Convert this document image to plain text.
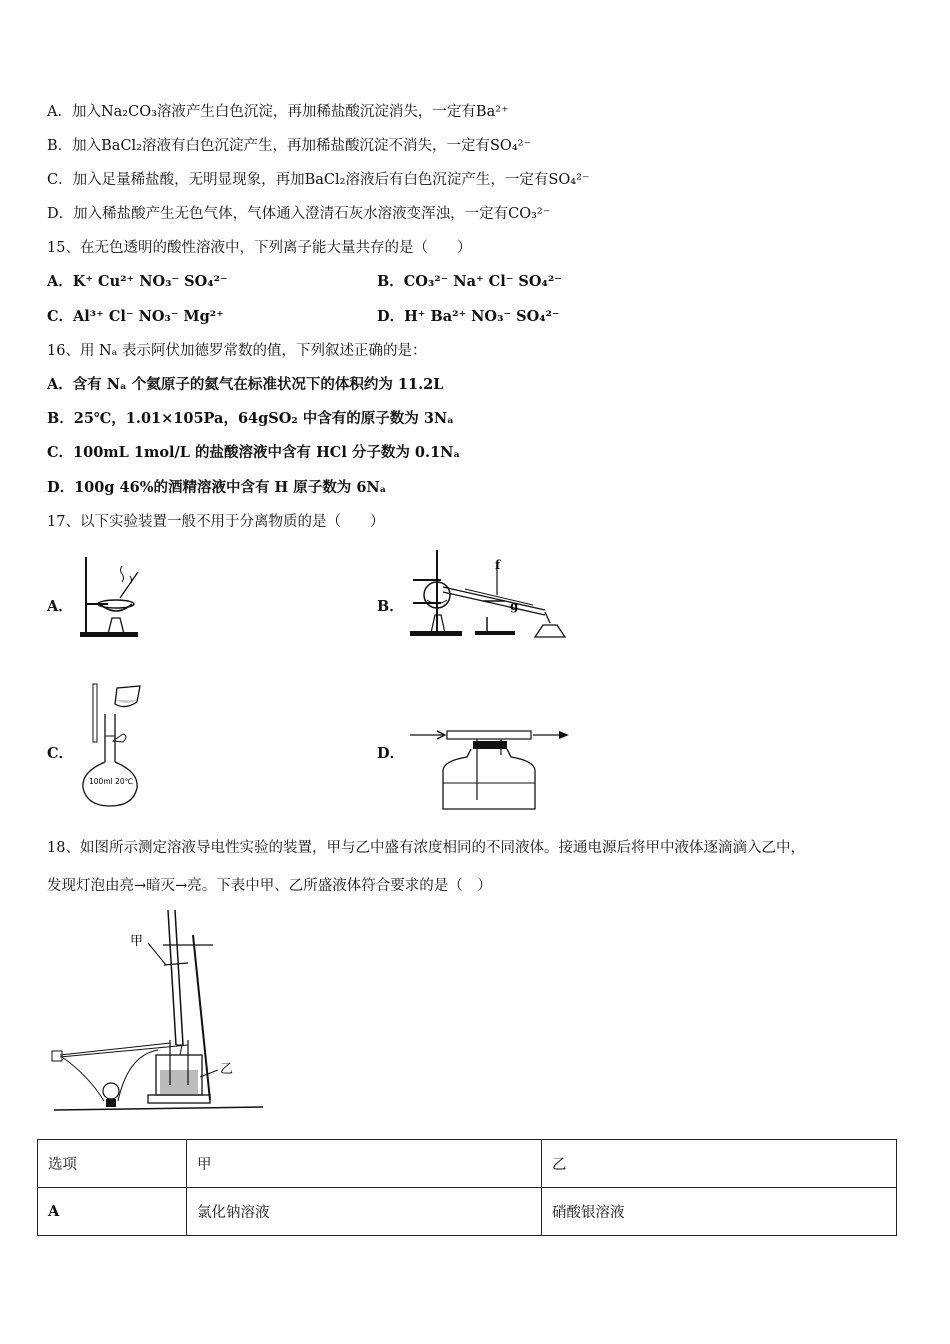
A．加入Na₂CO₃溶液产生白色沉淀，再加稀盐酸沉淀消失，一定有Ba²⁺
B．加入BaCl₂溶液有白色沉淀产生，再加稀盐酸沉淀不消失，一定有SO₄²⁻
C．加入足量稀盐酸，无明显现象，再加BaCl₂溶液后有白色沉淀产生，一定有SO₄²⁻
D．加入稀盐酸产生无色气体，气体通入澄清石灰水溶液变浑浊，一定有CO₃²⁻
15、在无色透明的酸性溶液中，下列离子能大量共存的是（　　）
A．K⁺ Cu²⁺ NO₃⁻ SO₄²⁻	B．CO₃²⁻ Na⁺ Cl⁻ SO₄²⁻
C．Al³⁺ Cl⁻ NO₃⁻ Mg²⁺	D．H⁺ Ba²⁺ NO₃⁻ SO₄²⁻
16、用 Nₐ 表示阿伏加德罗常数的值，下列叙述正确的是：
A．含有 Nₐ 个氦原子的氦气在标准状况下的体积约为 11.2L
B．25℃，1.01×105Pa，64gSO₂ 中含有的原子数为 3Nₐ
C．100mL 1mol/L 的盐酸溶液中含有 HCl 分子数为 0.1Nₐ
D．100g 46%的酒精溶液中含有 H 原子数为 6Nₐ
17、以下实验装置一般不用于分离物质的是（　　）
A．	B．
f
g
C．
100ml 20℃
D．
18、如图所示测定溶液导电性实验的装置，甲与乙中盛有浓度相同的不同液体。接通电源后将甲中液体逐滴滴入乙中，
发现灯泡由亮→暗灭→亮。下表中甲、乙所盛液体符合要求的是（　）
甲
乙
选项	甲	乙
A	氯化钠溶液	硝酸银溶液
